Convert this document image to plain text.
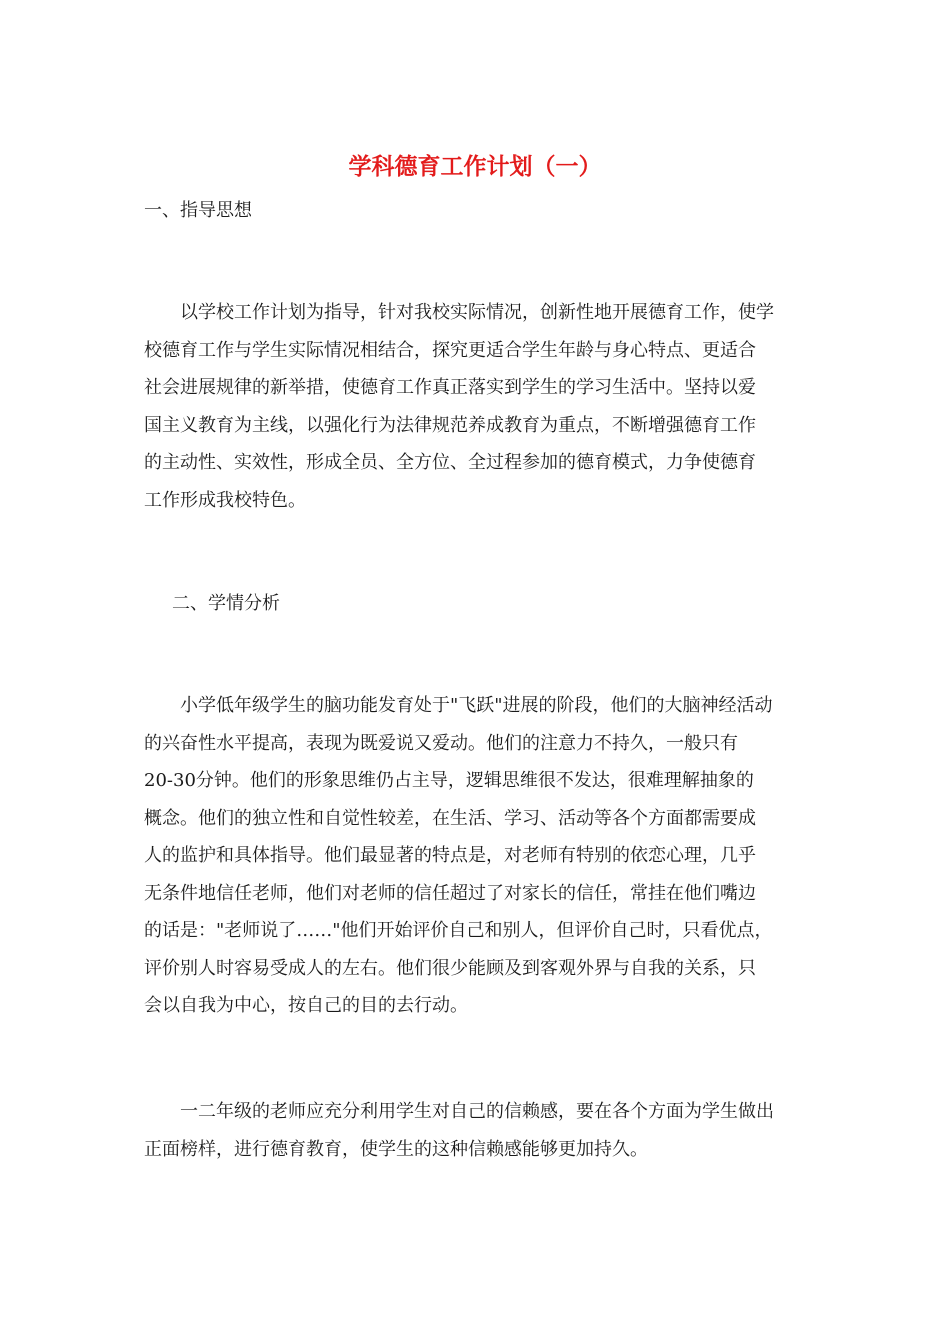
学科德育工作计划（一）

一、指导思想

　　以学校工作计划为指导，针对我校实际情况，创新性地开展德育工作，使学
校德育工作与学生实际情况相结合，探究更适合学生年龄与身心特点、更适合
社会进展规律的新举措，使德育工作真正落实到学生的学习生活中。坚持以爱
国主义教育为主线，以强化行为法律规范养成教育为重点，不断增强德育工作
的主动性、实效性，形成全员、全方位、全过程参加的德育模式，力争使德育
工作形成我校特色。

二、学情分析

　　小学低年级学生的脑功能发育处于"飞跃"进展的阶段，他们的大脑神经活动
的兴奋性水平提高，表现为既爱说又爱动。他们的注意力不持久，一般只有
20-30分钟。他们的形象思维仍占主导，逻辑思维很不发达，很难理解抽象的
概念。他们的独立性和自觉性较差，在生活、学习、活动等各个方面都需要成
人的监护和具体指导。他们最显著的特点是，对老师有特别的依恋心理，几乎
无条件地信任老师，他们对老师的信任超过了对家长的信任，常挂在他们嘴边
的话是："老师说了……"他们开始评价自己和别人，但评价自己时，只看优点，
评价别人时容易受成人的左右。他们很少能顾及到客观外界与自我的关系，只
会以自我为中心，按自己的目的去行动。

　　一二年级的老师应充分利用学生对自己的信赖感，要在各个方面为学生做出
正面榜样，进行德育教育，使学生的这种信赖感能够更加持久。
